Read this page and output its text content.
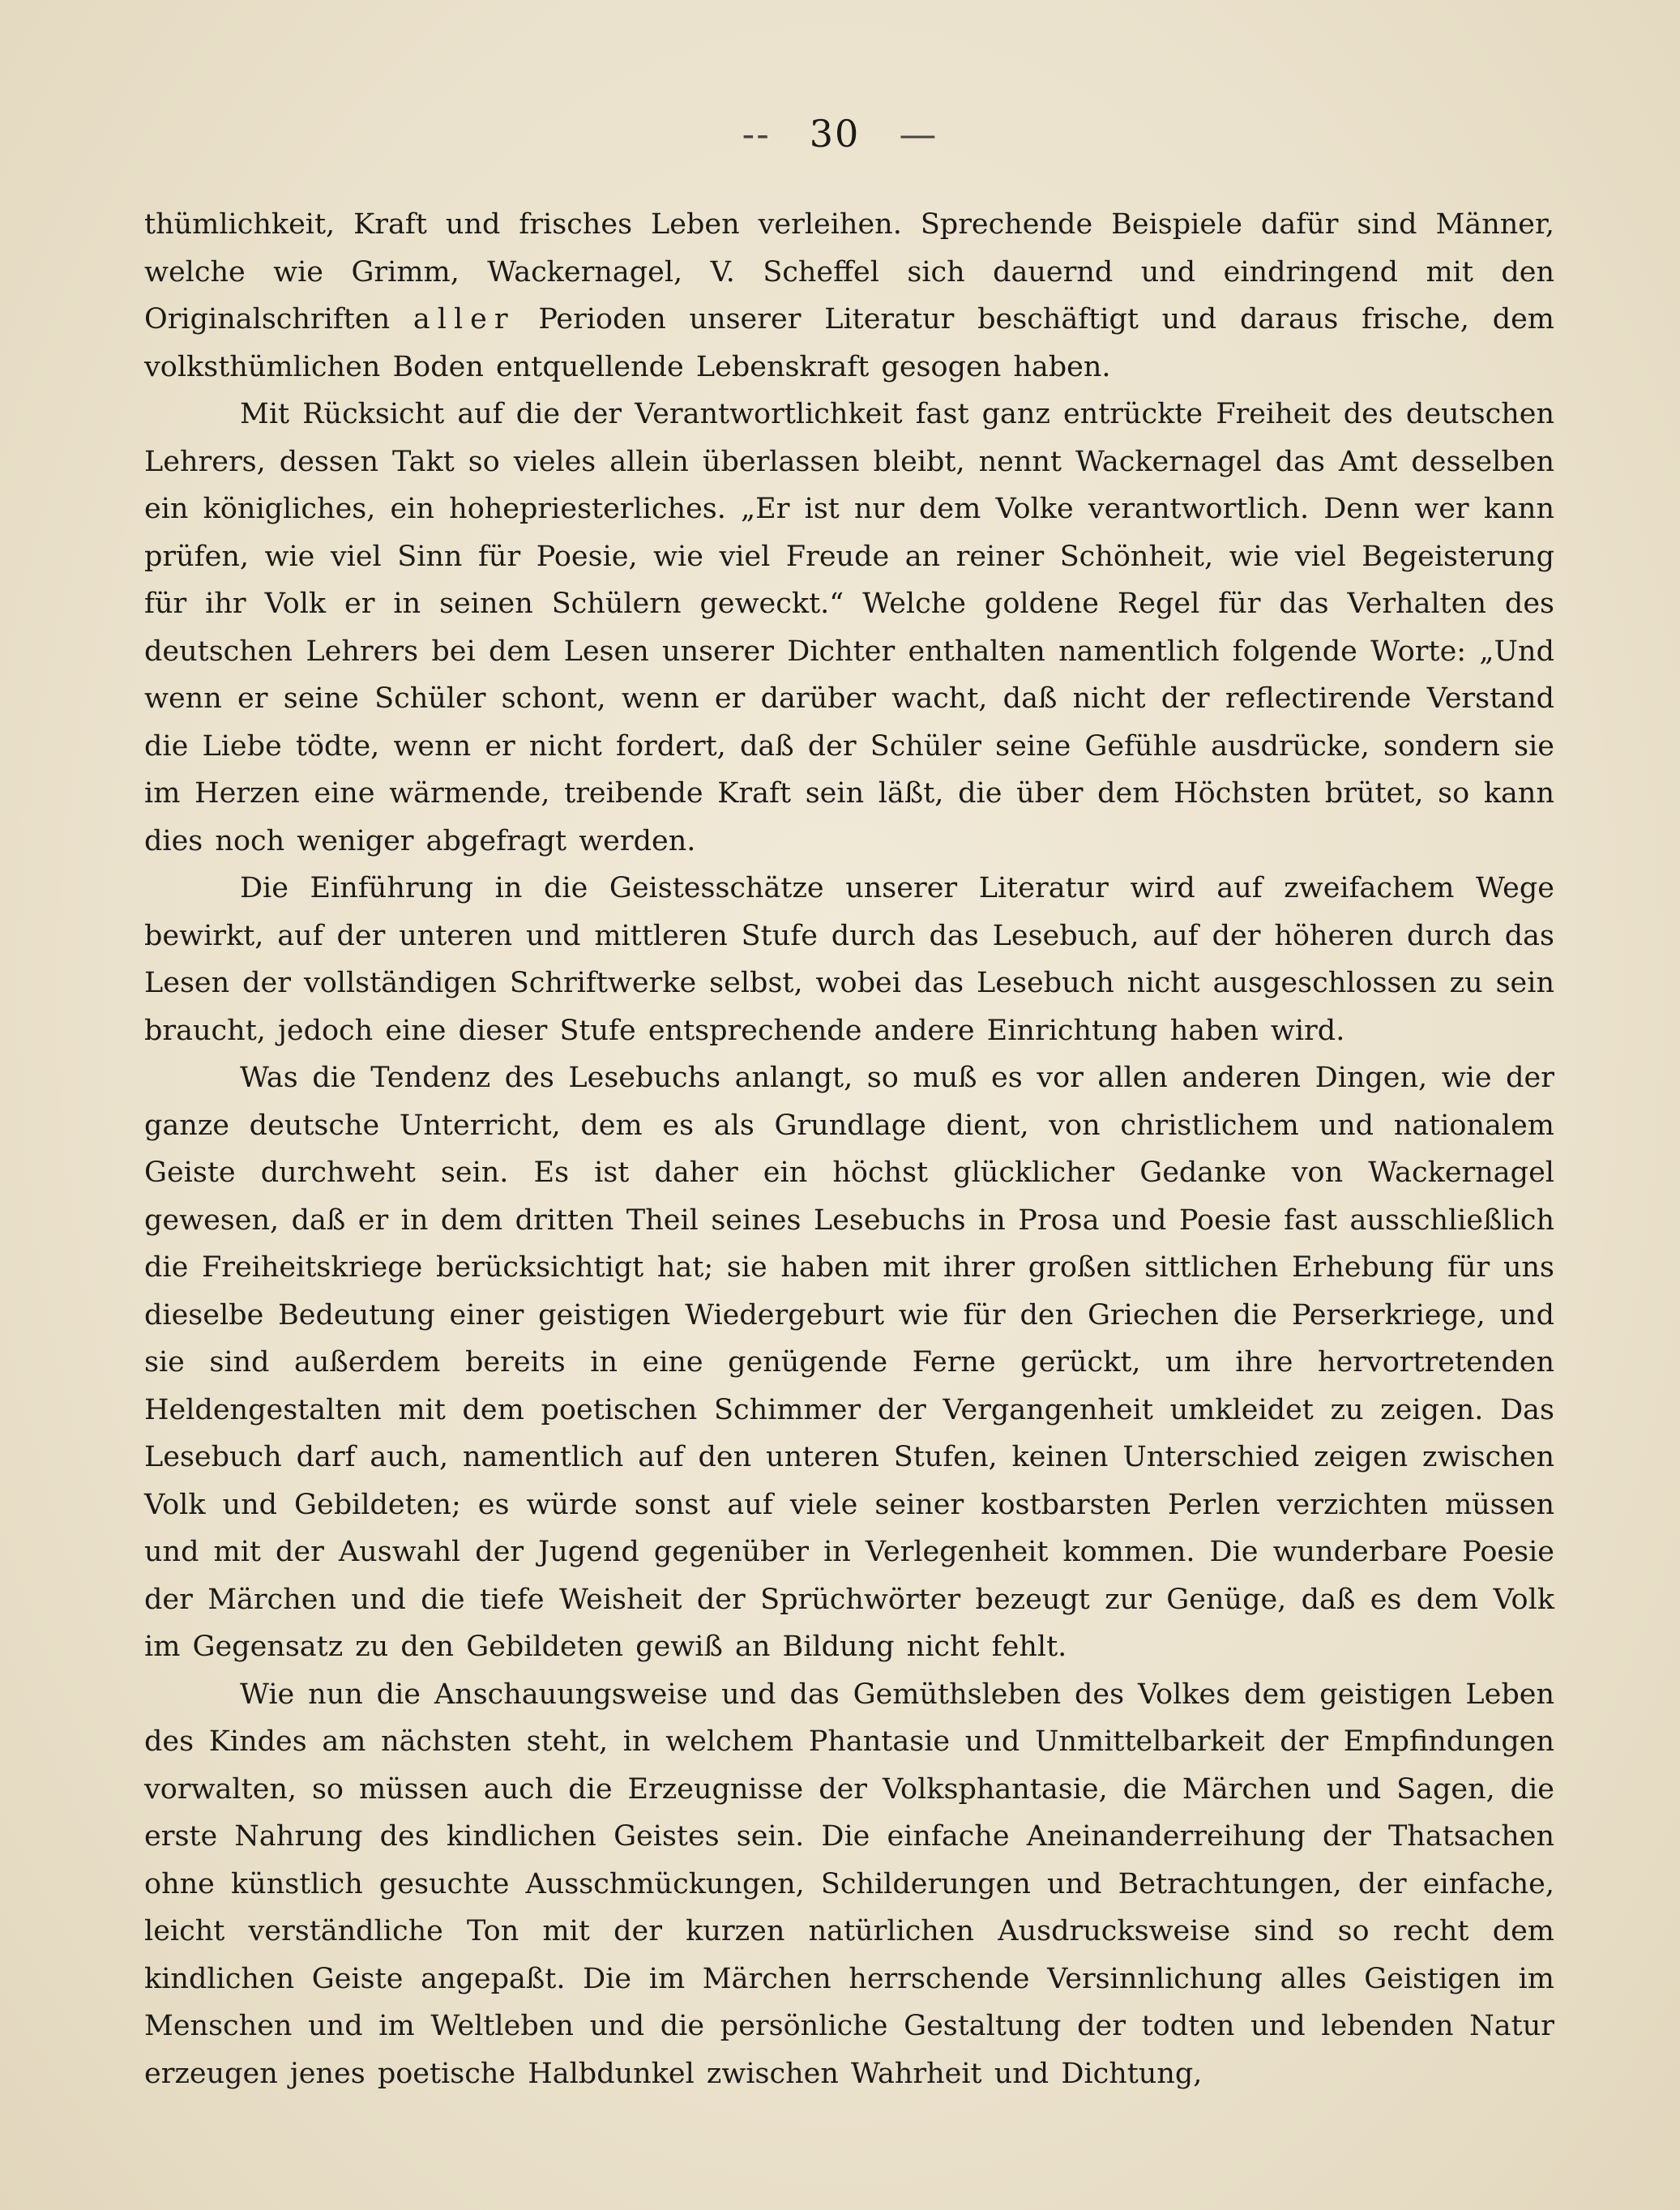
-- 30 —

thümlichkeit, Kraft und frisches Leben verleihen. Sprechende Beispiele dafür sind Männer, welche wie Grimm, Wackernagel, V. Scheffel sich dauernd und eindringend mit den Originalschriften aller Perioden unserer Literatur beschäftigt und daraus frische, dem volksthümlichen Boden entquellende Lebenskraft gesogen haben.

Mit Rücksicht auf die der Verantwortlichkeit fast ganz entrückte Freiheit des deutschen Lehrers, dessen Takt so vieles allein überlassen bleibt, nennt Wackernagel das Amt desselben ein königliches, ein hohepriesterliches. „Er ist nur dem Volke verantwortlich. Denn wer kann prüfen, wie viel Sinn für Poesie, wie viel Freude an reiner Schönheit, wie viel Begeisterung für ihr Volk er in seinen Schülern geweckt.“ Welche goldene Regel für das Verhalten des deutschen Lehrers bei dem Lesen unserer Dichter enthalten namentlich folgende Worte: „Und wenn er seine Schüler schont, wenn er darüber wacht, daß nicht der reflectirende Verstand die Liebe tödte, wenn er nicht fordert, daß der Schüler seine Gefühle ausdrücke, sondern sie im Herzen eine wärmende, treibende Kraft sein läßt, die über dem Höchsten brütet, so kann dies noch weniger abgefragt werden.

Die Einführung in die Geistesschätze unserer Literatur wird auf zweifachem Wege bewirkt, auf der unteren und mittleren Stufe durch das Lesebuch, auf der höheren durch das Lesen der vollständigen Schriftwerke selbst, wobei das Lesebuch nicht ausgeschlossen zu sein braucht, jedoch eine dieser Stufe entsprechende andere Einrichtung haben wird.

Was die Tendenz des Lesebuchs anlangt, so muß es vor allen anderen Dingen, wie der ganze deutsche Unterricht, dem es als Grundlage dient, von christlichem und nationalem Geiste durchweht sein. Es ist daher ein höchst glücklicher Gedanke von Wackernagel gewesen, daß er in dem dritten Theil seines Lesebuchs in Prosa und Poesie fast ausschließlich die Freiheitskriege berücksichtigt hat; sie haben mit ihrer großen sittlichen Erhebung für uns dieselbe Bedeutung einer geistigen Wiedergeburt wie für den Griechen die Perserkriege, und sie sind außerdem bereits in eine genügende Ferne gerückt, um ihre hervortretenden Heldengestalten mit dem poetischen Schimmer der Vergangenheit umkleidet zu zeigen. Das Lesebuch darf auch, namentlich auf den unteren Stufen, keinen Unterschied zeigen zwischen Volk und Gebildeten; es würde sonst auf viele seiner kostbarsten Perlen verzichten müssen und mit der Auswahl der Jugend gegenüber in Verlegenheit kommen. Die wunderbare Poesie der Märchen und die tiefe Weisheit der Sprüchwörter bezeugt zur Genüge, daß es dem Volk im Gegensatz zu den Gebildeten gewiß an Bildung nicht fehlt.

Wie nun die Anschauungsweise und das Gemüthsleben des Volkes dem geistigen Leben des Kindes am nächsten steht, in welchem Phantasie und Unmittelbarkeit der Empfindungen vorwalten, so müssen auch die Erzeugnisse der Volksphantasie, die Märchen und Sagen, die erste Nahrung des kindlichen Geistes sein. Die einfache Aneinanderreihung der Thatsachen ohne künstlich gesuchte Ausschmückungen, Schilderungen und Betrachtungen, der einfache, leicht verständliche Ton mit der kurzen natürlichen Ausdrucksweise sind so recht dem kindlichen Geiste angepaßt. Die im Märchen herrschende Versinnlichung alles Geistigen im Menschen und im Weltleben und die persönliche Gestaltung der todten und lebenden Natur erzeugen jenes poetische Halbdunkel zwischen Wahrheit und Dichtung,
